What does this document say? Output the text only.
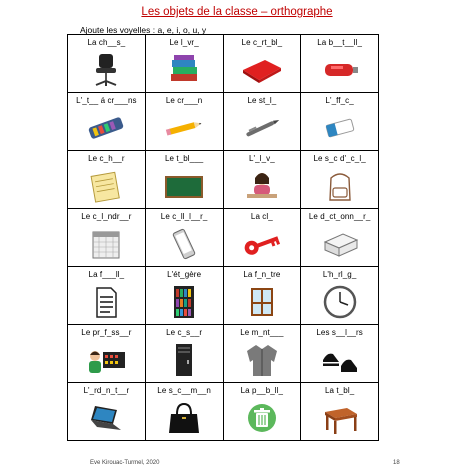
Les objets de la classe – orthographe
Ajoute les voyelles : a, e, i, o, u, y
La ch__s_	Le l_vr_	Le c_rt_bl_	La b__t__ll_
L'_t__ á cr___ns	Le cr___n	Le st_l_	L'_ff_c_
Le c_h__r	Le t_bl___	L'_l_v_	Le s_c d'_c_l_
Le c_l_ndr__r	Le c_ll_l__r_	La cl_	Le d_ct_onn__r_
La f___ll_	L'ét_gère	La f_n_tre	L'h_rl_g_
Le pr_f_ss__r	Le c_s__r	Le m_nt___	Les s__l__rs
L'_rd_n_t__r	Le s_c__m__n	La p__b_ll_	La t_bl_
Eve Kirouac-Turmel, 2020	18
